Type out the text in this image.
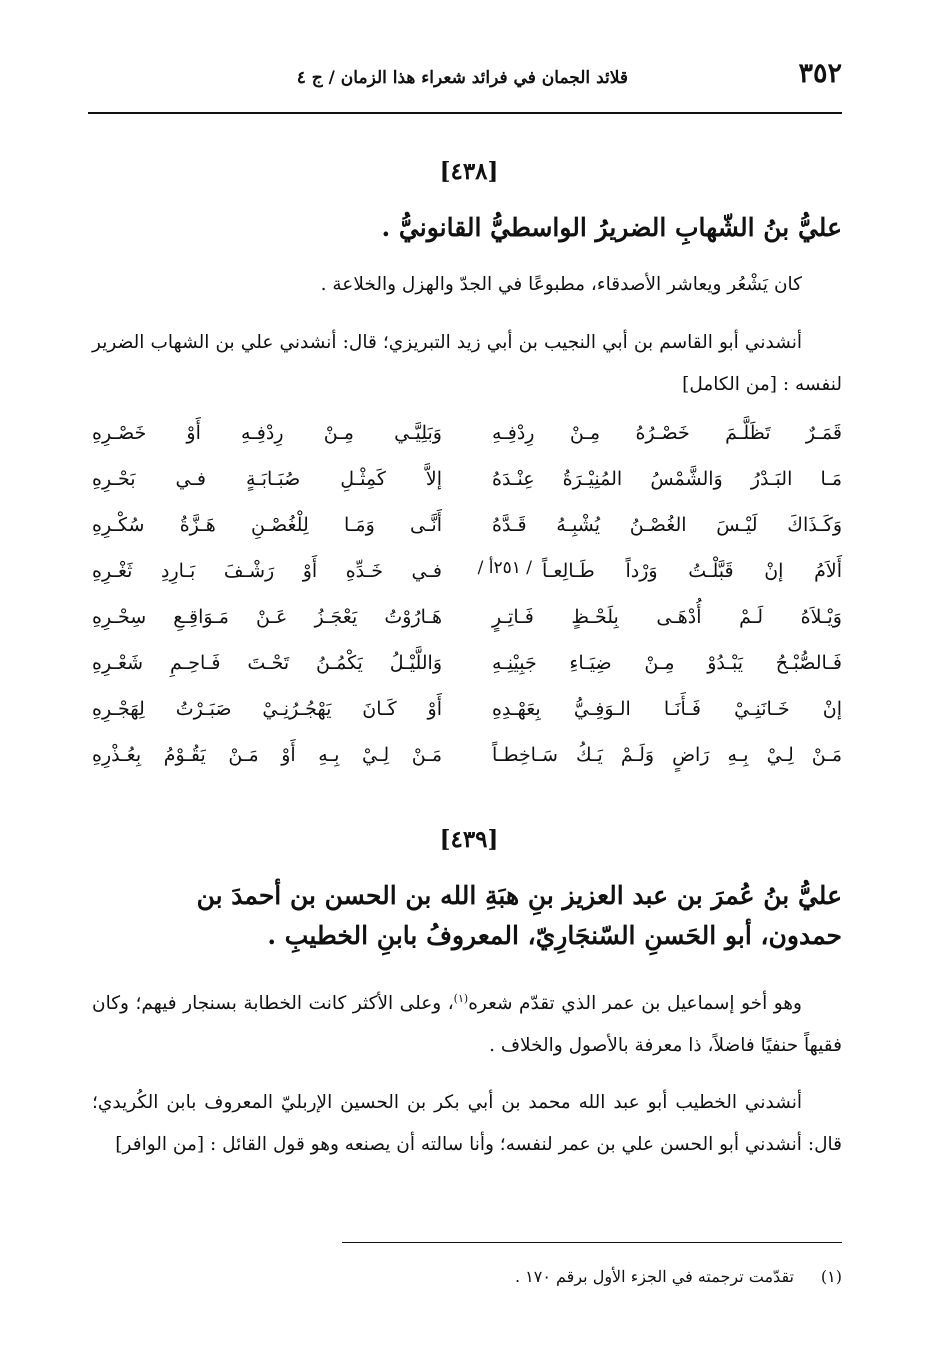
٣٥٢
قلائد الجمان في فرائد شعراء هذا الزمان / ج ٤
[٤٣٨]
عليُّ بنُ الشّهابِ الضريرُ الواسطيُّ القانونيُّ .
كان يَشْعُر ويعاشر الأصدقاء، مطبوعًا في الجدّ والهزل والخلاعة .
أنشدني أبو القاسم بن أبي النجيب بن أبي زيد التبريزي؛ قال: أنشدني علي بن الشهاب الضرير لنفسه : [من الكامل]
قَمَـرٌ تَظَلَّـمَ خَصْـرُهُ مِـنْ رِدْفِـهِ
وَبَلِيَّـي مِـنْ رِدْفِـهِ أَوْ خَصْـرِهِ
مَـا البَـدْرُ وَالشَّمْسُ المُنِيْـرَةُ عِنْـدَهُ
إلاَّ كَمِثْـلِ صُبَـابَـةٍ فـي بَحْـرِهِ
وَكَـذَاكَ لَيْـسَ الغُصْـنُ يُشْبِـهُ قَـدَّهُ
أَنَّـى وَمَـا لِلْغُصْـنِ هَـزَّةُ سُكْـرِهِ
أَلاَمُ إنْ قَبَّلْـتُ وَرْداً طَـالِعـاً
/ ٢٥١أ /
فـي خَـدِّهِ أَوْ رَشْـفَ بَـارِدِ ثَغْـرِهِ
وَيْـلاَهُ لَـمْ أُدْهَـى بِلَحْـظٍ فَـاتِـرٍ
هَـارُوْتُ يَعْجَـزُ عَـنْ مَـوَاقِـعِ سِحْـرِهِ
فَـالصُّبْـحُ يَبْـدُوْ مِـنْ ضِيَـاءِ جَبِيْنِـهِ
وَاللَّيْـلُ يَكْمُـنُ تَحْـتَ فَـاحِـمِ شَعْـرِهِ
إنْ خَـانَنِـيْ فَـأَنَـا الـوَفِـيُّ بِعَهْـدِهِ
أَوْ كَـانَ يَهْجُـرُنِـيْ صَبَـرْتُ لِهَجْـرِهِ
مَـنْ لِـيْ بِـهِ رَاضٍ وَلَـمْ يَـكُ سَـاخِطـاً
مَـنْ لِـيْ بِـهِ أَوْ مَـنْ يَقُـوْمُ بِعُـذْرِهِ
[٤٣٩]
عليُّ بنُ عُمرَ بن عبد العزيز بنِ هبَةِ الله بن الحسن بن أحمدَ بن
حمدون، أبو الحَسنِ السّنجَارِيّ، المعروفُ بابنِ الخطيبِ .
وهو أخو إسماعيل بن عمر الذي تقدّم شعره$^{(١)}$، وعلى الأكثر كانت الخطابة بسنجار فيهم؛ وكان فقيهاً حنفيًا فاضلاً، ذا معرفة بالأصول والخلاف .
أنشدني الخطيب أبو عبد الله محمد بن أبي بكر بن الحسين الإربليّ المعروف بابن الكُريدي؛ قال: أنشدني أبو الحسن علي بن عمر لنفسه؛ وأنا سالته أن يصنعه وهو قول القائل : [من الوافر]
(١)تقدّمت ترجمته في الجزء الأول برقم ١٧٠ .
